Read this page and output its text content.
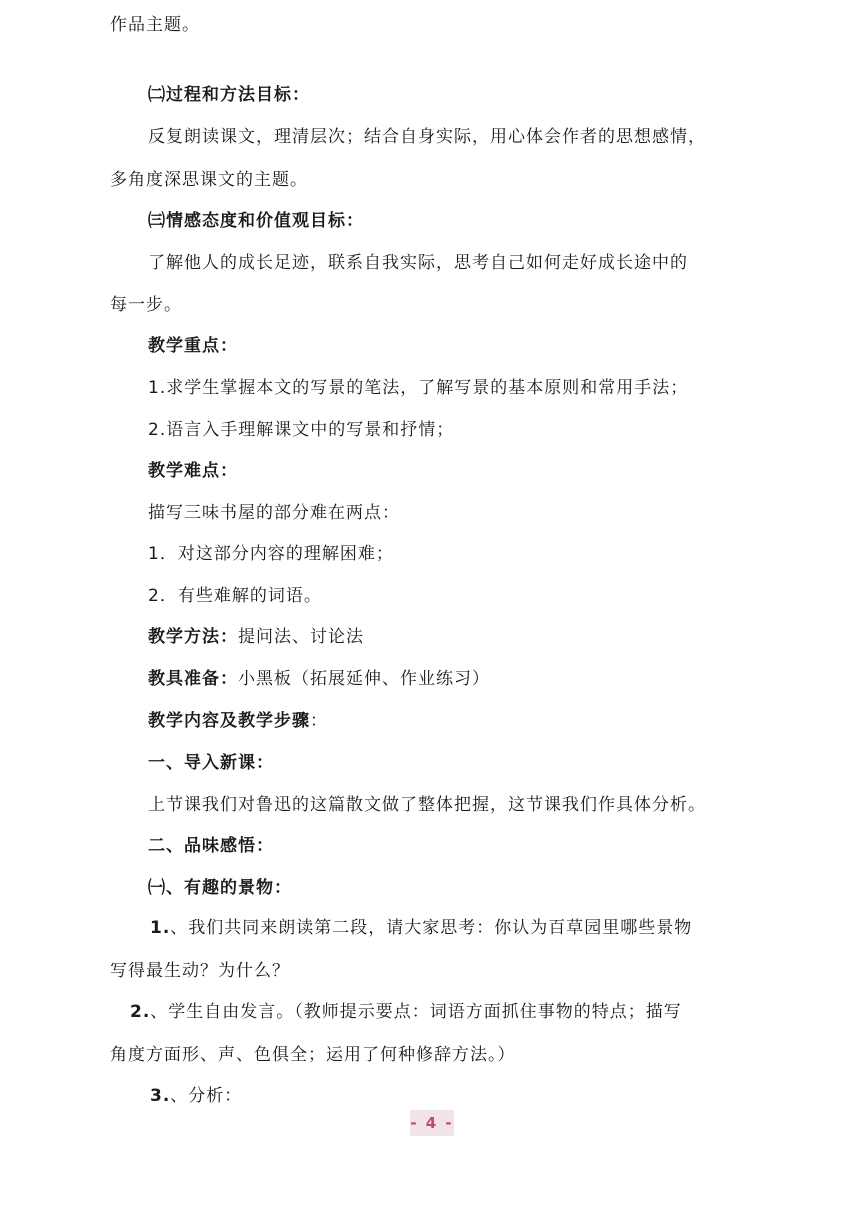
作品主题。
㈡过程和方法目标：
反复朗读课文，理清层次；结合自身实际，用心体会作者的思想感情，
多角度深思课文的主题。
㈢情感态度和价值观目标：
了解他人的成长足迹，联系自我实际，思考自己如何走好成长途中的
每一步。
教学重点：
1.求学生掌握本文的写景的笔法，了解写景的基本原则和常用手法；
2.语言入手理解课文中的写景和抒情；
教学难点：
描写三味书屋的部分难在两点：
1．对这部分内容的理解困难；
2．有些难解的词语。
教学方法：提问法、讨论法
教具准备：小黑板（拓展延伸、作业练习）
教学内容及教学步骤：
一、导入新课：
上节课我们对鲁迅的这篇散文做了整体把握，这节课我们作具体分析。
二、品味感悟：
㈠、有趣的景物：
1.、我们共同来朗读第二段，请大家思考：你认为百草园里哪些景物
写得最生动？为什么？
2.、学生自由发言。（教师提示要点：词语方面抓住事物的特点；描写
角度方面形、声、色俱全；运用了何种修辞方法。）
3.、分析：
- 4 -
